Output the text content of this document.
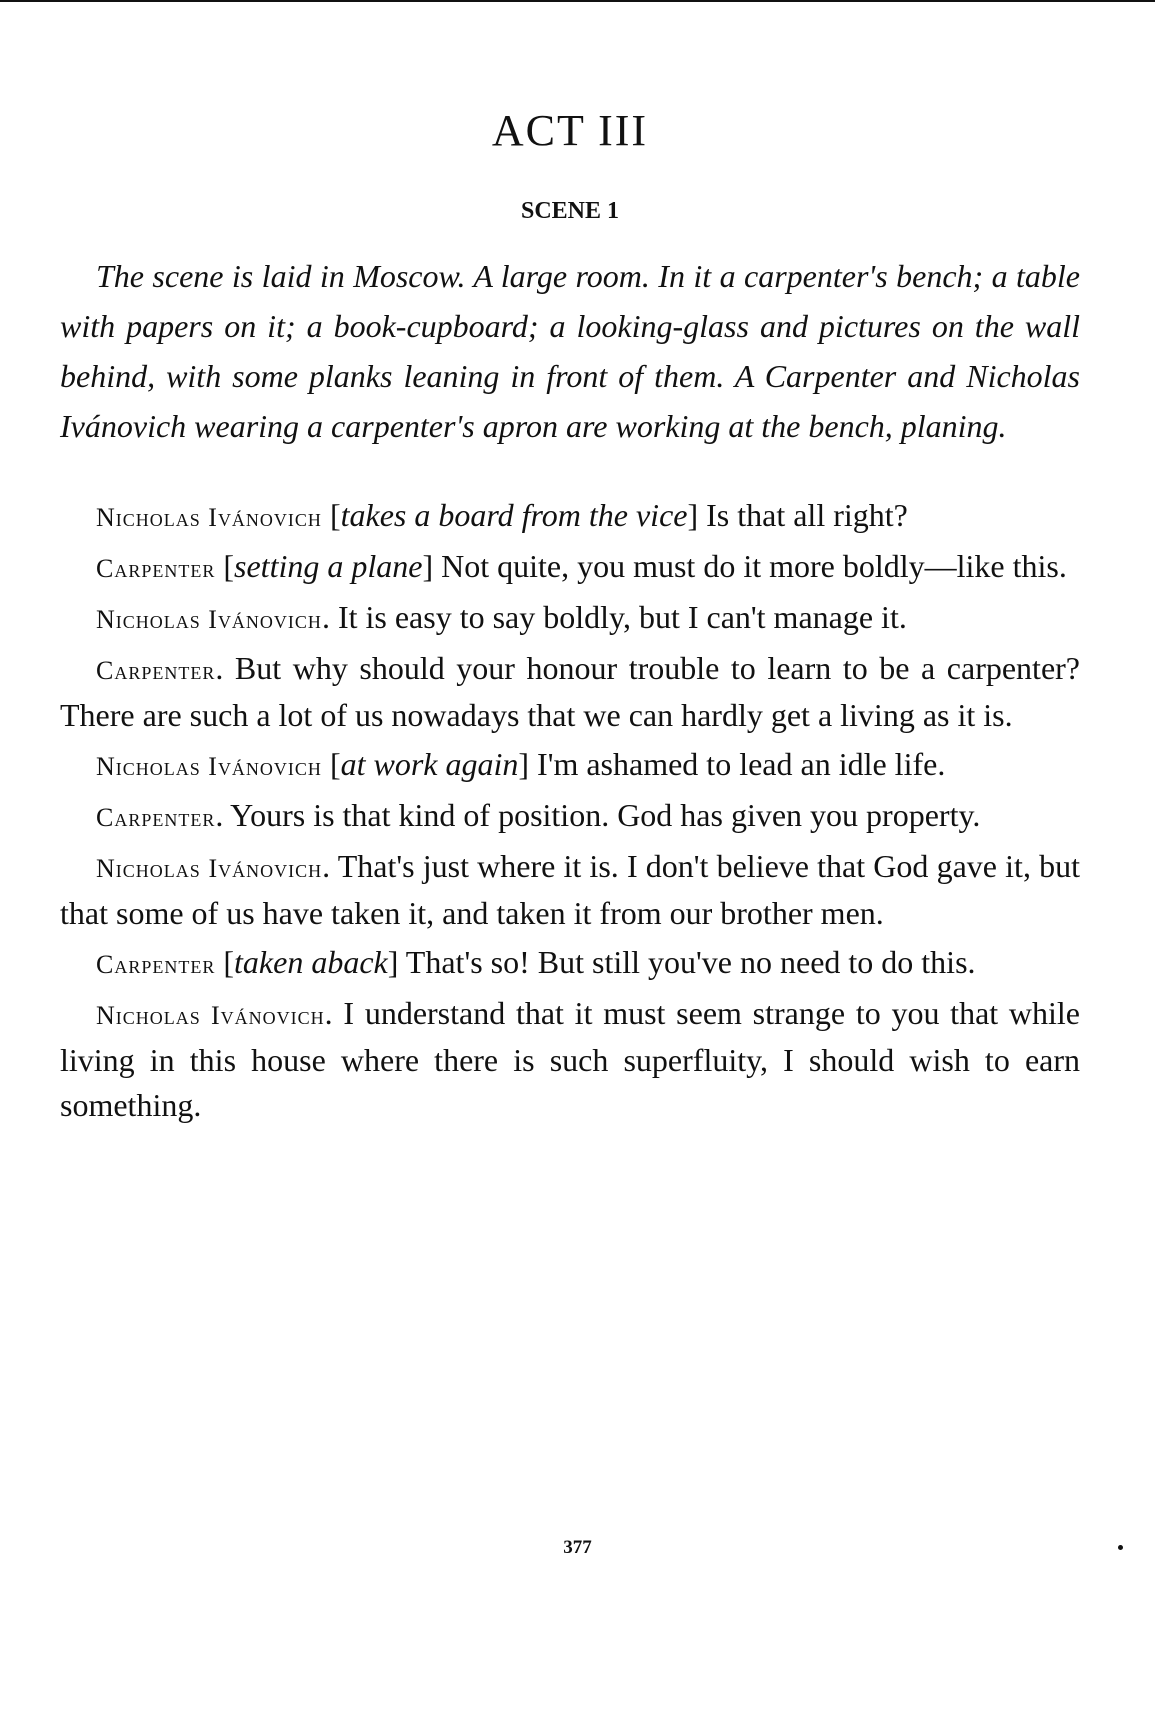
ACT III
SCENE 1

The scene is laid in Moscow. A large room. In it a carpenter's bench; a table with papers on it; a book-cupboard; a looking-glass and pictures on the wall behind, with some planks leaning in front of them. A Carpenter and Nicholas Ivánovich wearing a carpenter's apron are working at the bench, planing.

Nicholas Ivánovich [takes a board from the vice] Is that all right?

Carpenter [setting a plane] Not quite, you must do it more boldly—like this.

Nicholas Ivánovich. It is easy to say boldly, but I can't manage it.

Carpenter. But why should your honour trouble to learn to be a carpenter? There are such a lot of us nowadays that we can hardly get a living as it is.

Nicholas Ivánovich [at work again] I'm ashamed to lead an idle life.

Carpenter. Yours is that kind of position. God has given you property.

Nicholas Ivánovich. That's just where it is. I don't believe that God gave it, but that some of us have taken it, and taken it from our brother men.

Carpenter [taken aback] That's so! But still you've no need to do this.

Nicholas Ivánovich. I understand that it must seem strange to you that while living in this house where there is such superfluity, I should wish to earn something.

377
